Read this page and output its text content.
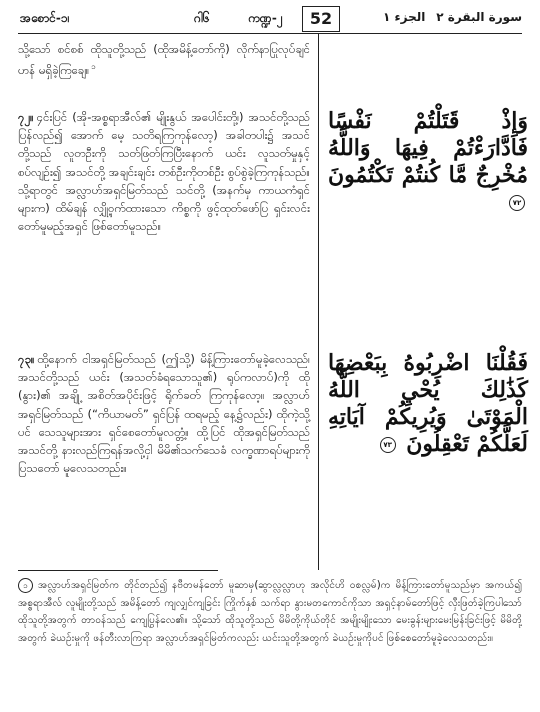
အစောင်-၁၊	ဂါ၆	ကဏ္ဍ-၂	52	الجزء ١ سورة البقرة ٢

သို့သော် စင်စစ် ထိုသူတို့သည် (ထိုအမိန့်တော်ကို) လိုက်နာပြုလုပ်ချင်ဟန် မရှိခဲ့ကြချေ။ $^၁$

၇၂။ ၄င်းပြင် (အို-အစ္စရာအီလ်၏ မျိုးနွယ် အပေါင်းတို့၊) အသင်တို့သည် ပြန်လည်၍ အောက် မေ့ သတိရကြကုန်လော့) အခါတပါး၌ အသင် တို့သည် လူတဦးကို သတ်ဖြတ်ကြပြီးနောက် ယင်း လူသတ်မှုနှင့်စပ်လျဉ်း၍ အသင်တို့ အချင်းချင်း တစ်ဦးကိုတစ်ဦး စွပ်စွဲခဲ့ကြကုန်သည်။ သို့ရာတွင် အလ္လာဟ်အရှင်မြတ်သည် သင်တို့ (အနက်မှ ကာယကံရှင်များက) ထိမ်ချန် လျှို့ဝှက်ထားသော ကိစ္စကို ဖွင့်ထုတ်ဖော်ပြ ရှင်းလင်းတော်မူမည့်အရှင် ဖြစ်တော်မူသည်။

၇၃။ ထို့နောက် ငါအရှင်မြတ်သည် (ဤသို့) မိန့်ကြားတော်မူခဲ့လေသည်၊ အသင်တို့သည် ယင်း (အသတ်ခံရသောသူ၏) ရုပ်ကလာပ်)ကို ထို (နွား)၏ အချို့ အစိတ်အပိုင်းဖြင့် ရိုက်ခတ် ကြကုန်လော့။ အလ္လာဟ် အရှင်မြတ်သည် (“ကိယာမတ်” ရှင်ပြန် ထရမည့် နေ့၌လည်း) ထိုကဲ့သို့ပင် သေသူများအား ရှင်စေတော်မူလတ္တံ့။ ထို့ပြင် ထိုအရှင်မြတ်သည် အသင်တို့ နားလည်ကြရန်အလို့ငှါ မိမိ၏သက်သေခံ လက္ခဏာရပ်များကို ပြသတော် မူလေသတည်း။

وَإِذْ قَتَلْتُمْ نَفْسًا فَادَّارَءْتُمْ فِيهَا وَاللَّهُ مُخْرِجٌ مَّا كُنتُمْ تَكْتُمُونَ ٧٢
فَقُلْنَا اضْرِبُوهُ بِبَعْضِهَا كَذَٰلِكَ يُحْيِ اللَّهُ الْمَوْتَىٰ وَيُرِيكُمْ آيَاتِهِ لَعَلَّكُمْ تَعْقِلُونَ ٧٣
၁ အလ္လာဟ်အရှင်မြတ်က တိုင်တည်၍ နဗီတမန်တော် မူဆာမှ(ဆွာလ္လလ္လာဟု အလိုင်ဟိ ဝစလ္လမ်)က မိန့်ကြားတော်မူသည်မှာ အကယ်၍ အစ္စရာအီလ် လူမျိုးတို့သည် အမိန့်တော် ကျလျှင်ကျခြင်း ကြိုက်နှစ် သက်ရာ နွားမတကောင်ကိုသာ အရှင့်နာမ်တော်ဖြင့် လှီးဖြတ်ခဲ့ကြပါသော် ထိုသူတို့အတွက် တာဝန်သည် ကျေပြွန်လေ၏။ သို့သော် ထိုသူတို့သည် မိမိတို့ကိုယ်တိုင် အမျိုးမျိုးသော မေးခွန်းများမေးမြန်းခြင်းဖြင့် မိမိတို့အတွက် ခဲယဉ်းမှုကို ဖန်တီးလာကြရာ အလ္လာဟ်အရှင်မြတ်ကလည်း ယင်းသူတို့အတွက် ခဲယဉ်းမှုကိုပင် ဖြစ်စေတော်မူခဲ့လေသတည်း။
